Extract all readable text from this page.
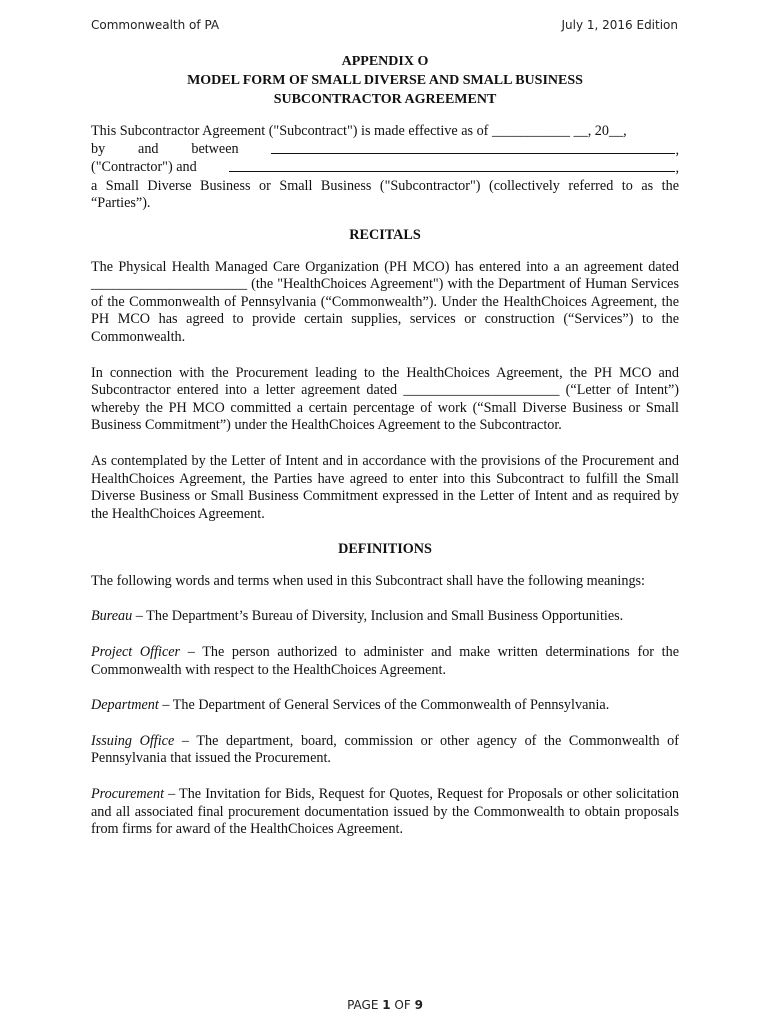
Commonwealth of PA	July 1, 2016 Edition

APPENDIX O

MODEL FORM OF SMALL DIVERSE AND SMALL BUSINESS

SUBCONTRACTOR AGREEMENT

This Subcontractor Agreement ("Subcontract") is made effective as of ___________ __, 20__,
by and between	,
("Contractor") and	,

a Small Diverse Business or Small Business ("Subcontractor") (collectively referred to as the “Parties”).

RECITALS

The Physical Health Managed Care Organization (PH MCO) has entered into a an agreement dated ______________________ (the "HealthChoices Agreement") with the Department of Human Services of the Commonwealth of Pennsylvania (“Commonwealth”). Under the HealthChoices Agreement, the PH MCO has agreed to provide certain supplies, services or construction (“Services”) to the Commonwealth.

In connection with the Procurement leading to the HealthChoices Agreement, the PH MCO and Subcontractor entered into a letter agreement dated ______________________ (“Letter of Intent”) whereby the PH MCO committed a certain percentage of work (“Small Diverse Business or Small Business Commitment”) under the HealthChoices Agreement to the Subcontractor.

As contemplated by the Letter of Intent and in accordance with the provisions of the Procurement and HealthChoices Agreement, the Parties have agreed to enter into this Subcontract to fulfill the Small Diverse Business or Small Business Commitment expressed in the Letter of Intent and as required by the HealthChoices Agreement.

DEFINITIONS

The following words and terms when used in this Subcontract shall have the following meanings:

Bureau – The Department’s Bureau of Diversity, Inclusion and Small Business Opportunities.

Project Officer – The person authorized to administer and make written determinations for the Commonwealth with respect to the HealthChoices Agreement.

Department – The Department of General Services of the Commonwealth of Pennsylvania.

Issuing Office – The department, board, commission or other agency of the Commonwealth of Pennsylvania that issued the Procurement.

Procurement – The Invitation for Bids, Request for Quotes, Request for Proposals or other solicitation and all associated final procurement documentation issued by the Commonwealth to obtain proposals from firms for award of the HealthChoices Agreement.

PAGE 1 OF 9
